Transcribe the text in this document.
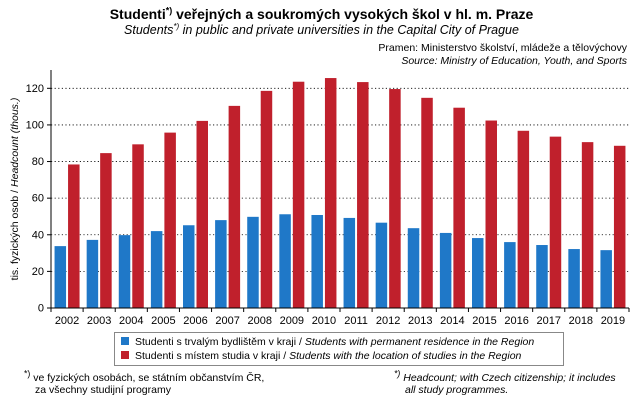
Studenti*) veřejných a soukromých vysokých škol v hl. m. Praze
Students*) in public and private universities in the Capital City of Prague
Pramen: Ministerstvo školství, mládeže a tělovýchovy
Source: Ministry of Education, Youth, and Sports
0
20
40
60
80
100
120
2002 2003 2004 2005 2006 2007 2008 2009 2010 2011 2012 2013 2014 2015 2016 2017 2018 2019
tis. fyzických osob / Headcount (thous.)
Studenti s trvalým bydlištěm v kraji / Students with permanent residence in the Region
Studenti s místem studia v kraji / Students with the location of studies in the Region
*) ve fyzických osobách, se státním občanstvím ČR,
za všechny studijní programy
*) Headcount; with Czech citizenship; it includes
all study programmes.
